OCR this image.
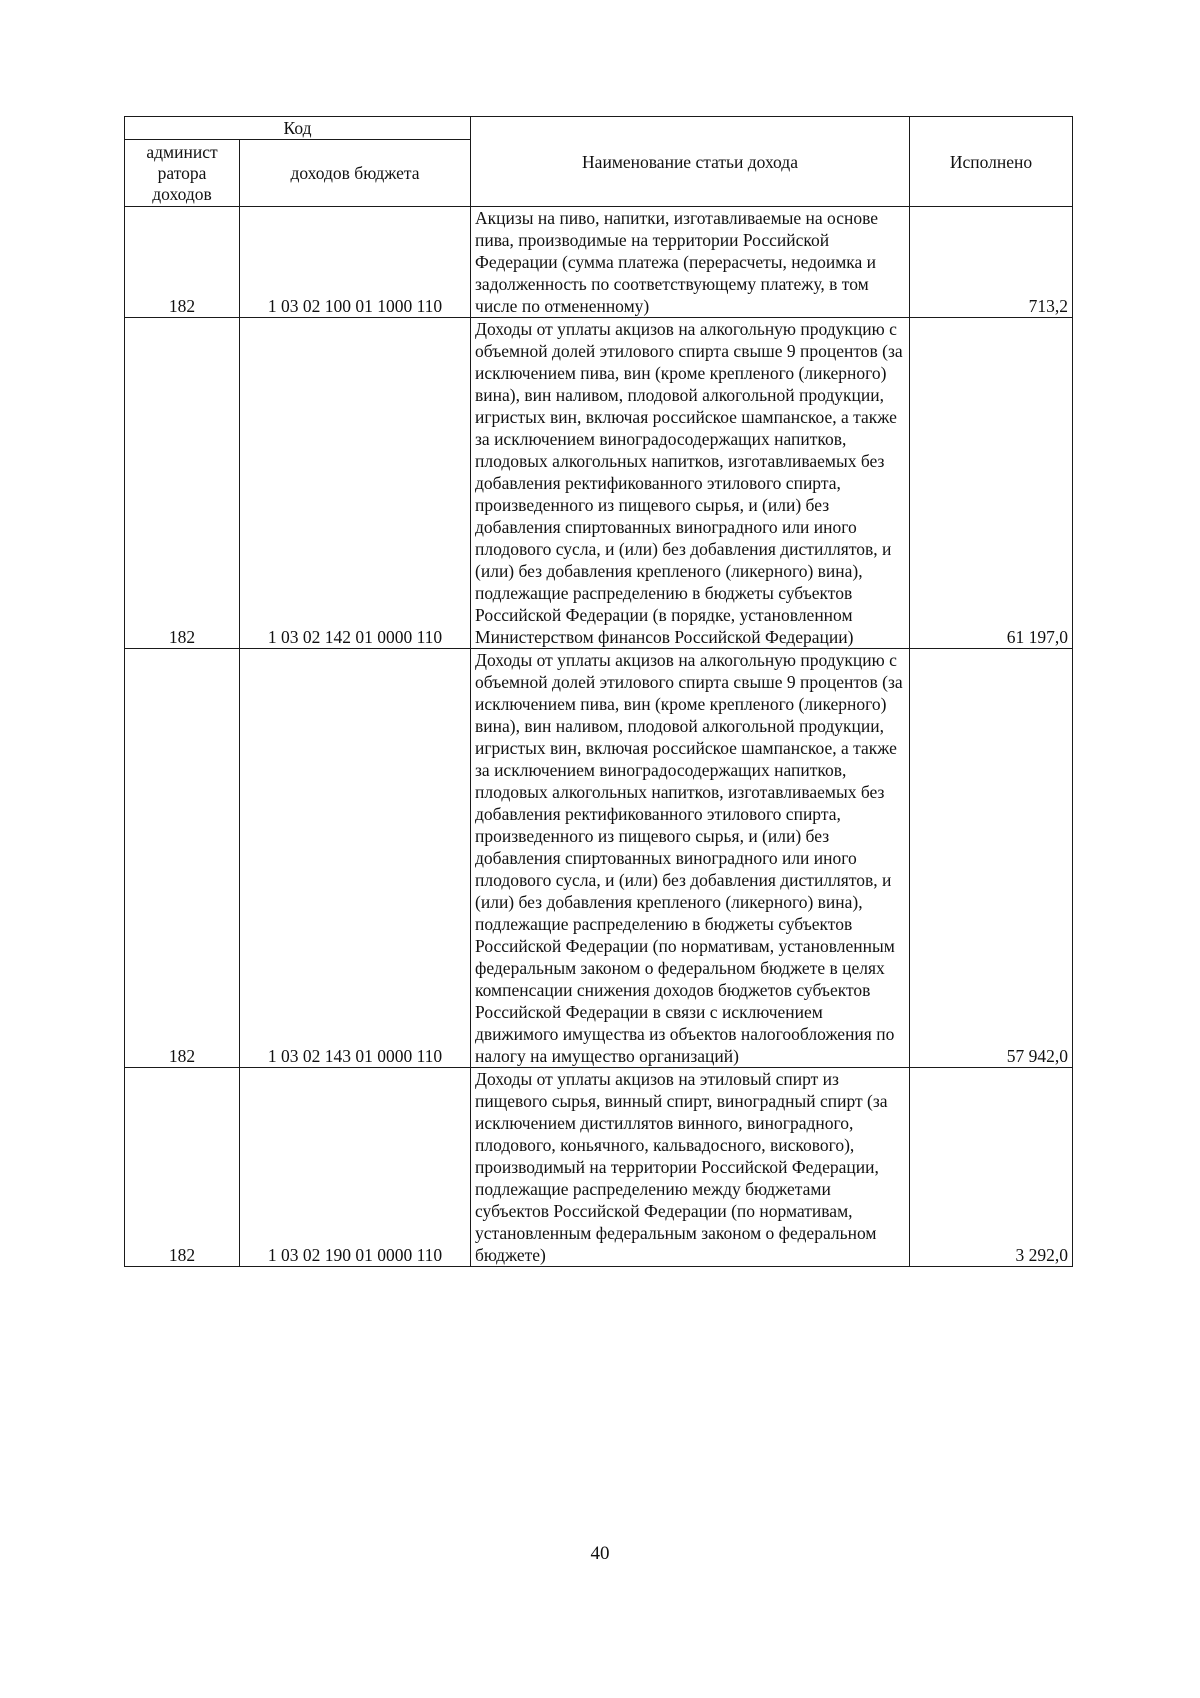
Код		Наименование статьи дохода	Исполнено
админист
ратора
доходов	доходов бюджета		
182	1 03 02 100 01 1000 110	Акцизы на пиво, напитки, изготавливаемые на основе пива, производимые на территории Российской Федерации (сумма платежа (перерасчеты, недоимка и задолженность по соответствующему платежу, в том числе по отмененному)	713,2
182	1 03 02 142 01 0000 110	Доходы от уплаты акцизов на алкогольную продукцию с объемной долей этилового спирта свыше 9 процентов (за исключением пива, вин (кроме крепленого (ликерного) вина), вин наливом, плодовой алкогольной продукции, игристых вин, включая российское шампанское, а также за исключением виноградосодержащих напитков, плодовых алкогольных напитков, изготавливаемых без добавления ректификованного этилового спирта, произведенного из пищевого сырья, и (или) без добавления спиртованных виноградного или иного плодового сусла, и (или) без добавления дистиллятов, и (или) без добавления крепленого (ликерного) вина), подлежащие распределению в бюджеты субъектов Российской Федерации (в порядке, установленном Министерством финансов Российской Федерации)	61 197,0
182	1 03 02 143 01 0000 110	Доходы от уплаты акцизов на алкогольную продукцию с объемной долей этилового спирта свыше 9 процентов (за исключением пива, вин (кроме крепленого (ликерного) вина), вин наливом, плодовой алкогольной продукции, игристых вин, включая российское шампанское, а также за исключением виноградосодержащих напитков, плодовых алкогольных напитков, изготавливаемых без добавления ректификованного этилового спирта, произведенного из пищевого сырья, и (или) без добавления спиртованных виноградного или иного плодового сусла, и (или) без добавления дистиллятов, и (или) без добавления крепленого (ликерного) вина), подлежащие распределению в бюджеты субъектов Российской Федерации (по нормативам, установленным федеральным законом о федеральном бюджете в целях компенсации снижения доходов бюджетов субъектов Российской Федерации в связи с исключением движимого имущества из объектов налогообложения по налогу на имущество организаций)	57 942,0
182	1 03 02 190 01 0000 110	Доходы от уплаты акцизов на этиловый спирт из пищевого сырья, винный спирт, виноградный спирт (за исключением дистиллятов винного, виноградного, плодового, коньячного, кальвадосного, вискового), производимый на территории Российской Федерации, подлежащие распределению между бюджетами субъектов Российской Федерации (по нормативам, установленным федеральным законом о федеральном бюджете)	3 292,0
40
